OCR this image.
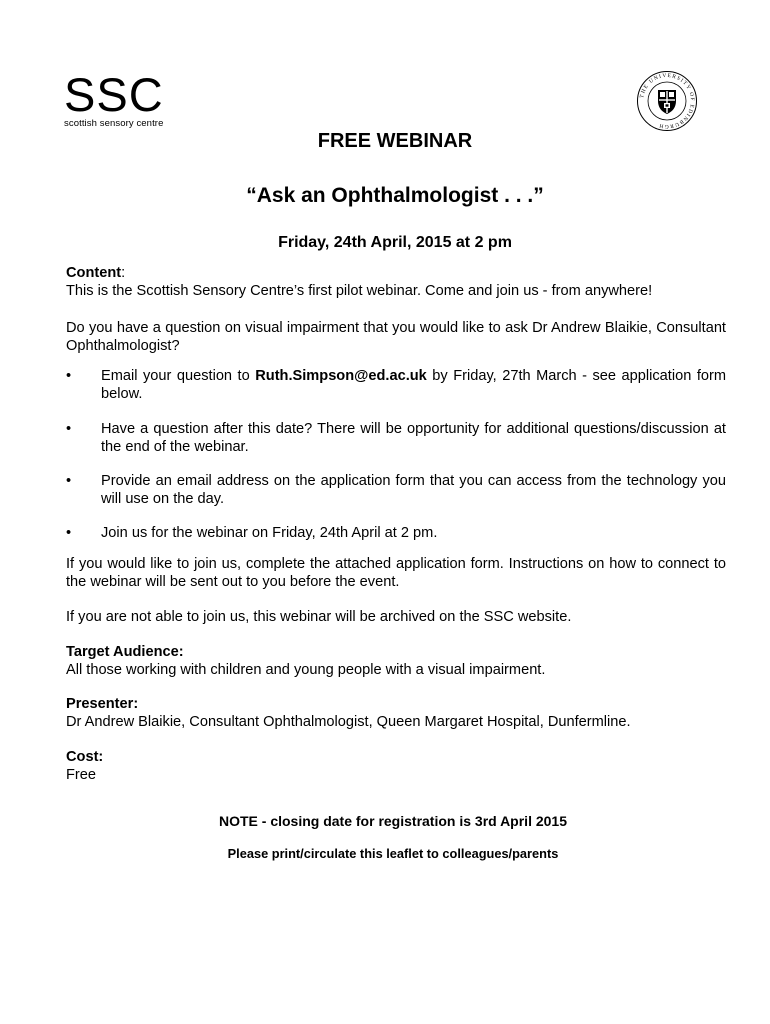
SSC
scottish sensory centre
THE UNIVERSITY OF EDINBURGH
FREE WEBINAR
“Ask an Ophthalmologist . . .”
Friday, 24th April, 2015 at 2 pm
Content:
This is the Scottish Sensory Centre’s first pilot webinar. Come and join us - from anywhere!
Do you have a question on visual impairment that you would like to ask Dr Andrew Blaikie, Consultant Ophthalmologist?
•	Email your question to Ruth.Simpson@ed.ac.uk by Friday, 27th March - see application form below.
•	Have a question after this date? There will be opportunity for additional questions/discussion at the end of the webinar.
•	Provide an email address on the application form that you can access from the technology you will use on the day.
•	Join us for the webinar on Friday, 24th April at 2 pm.
If you would like to join us, complete the attached application form. Instructions on how to connect to the webinar will be sent out to you before the event.
If you are not able to join us, this webinar will be archived on the SSC website.
Target Audience:
All those working with children and young people with a visual impairment.
Presenter:
Dr Andrew Blaikie, Consultant Ophthalmologist, Queen Margaret Hospital, Dunfermline.
Cost:
Free
NOTE - closing date for registration is 3rd April 2015
Please print/circulate this leaflet to colleagues/parents
